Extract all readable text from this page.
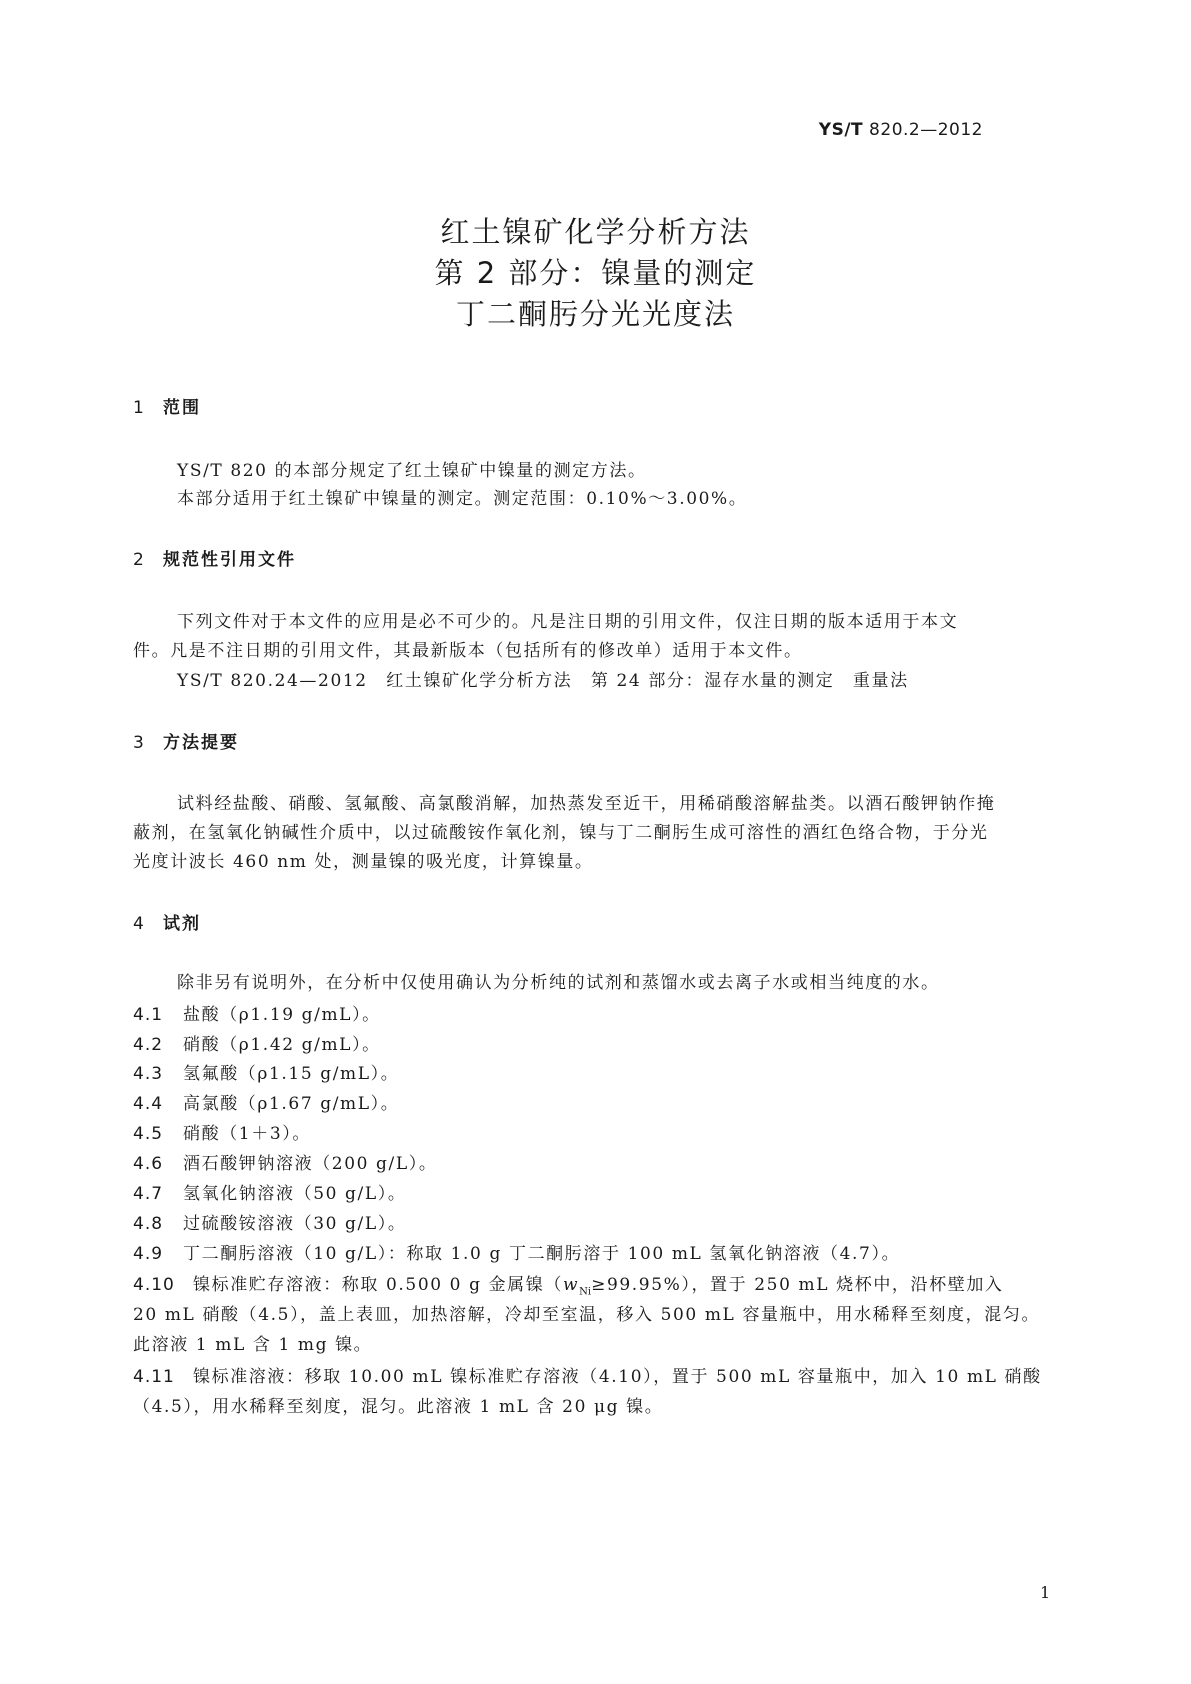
YS/T 820.2—2012
红土镍矿化学分析方法
第 2 部分：镍量的测定
丁二酮肟分光光度法
1 范围
YS/T 820 的本部分规定了红土镍矿中镍量的测定方法。
本部分适用于红土镍矿中镍量的测定。测定范围：0.10%～3.00%。
2 规范性引用文件
下列文件对于本文件的应用是必不可少的。凡是注日期的引用文件，仅注日期的版本适用于本文
件。凡是不注日期的引用文件，其最新版本（包括所有的修改单）适用于本文件。
YS/T 820.24—2012　红土镍矿化学分析方法　第 24 部分：湿存水量的测定　重量法
3 方法提要
试料经盐酸、硝酸、氢氟酸、高氯酸消解，加热蒸发至近干，用稀硝酸溶解盐类。以酒石酸钾钠作掩
蔽剂，在氢氧化钠碱性介质中，以过硫酸铵作氧化剂，镍与丁二酮肟生成可溶性的酒红色络合物，于分光
光度计波长 460 nm 处，测量镍的吸光度，计算镍量。
4 试剂
除非另有说明外，在分析中仅使用确认为分析纯的试剂和蒸馏水或去离子水或相当纯度的水。
4.1 盐酸（ρ1.19 g/mL）。
4.2 硝酸（ρ1.42 g/mL）。
4.3 氢氟酸（ρ1.15 g/mL）。
4.4 高氯酸（ρ1.67 g/mL）。
4.5 硝酸（1＋3）。
4.6 酒石酸钾钠溶液（200 g/L）。
4.7 氢氧化钠溶液（50 g/L）。
4.8 过硫酸铵溶液（30 g/L）。
4.9 丁二酮肟溶液（10 g/L）：称取 1.0 g 丁二酮肟溶于 100 mL 氢氧化钠溶液（4.7）。
4.10 镍标准贮存溶液：称取 0.500 0 g 金属镍$(w_{Ni}\ge 99.95\%)$，置于 250 mL 烧杯中，沿杯壁加入
20 mL 硝酸（4.5），盖上表皿，加热溶解，冷却至室温，移入 500 mL 容量瓶中，用水稀释至刻度，混匀。
此溶液 1 mL 含 1 mg 镍。
4.11 镍标准溶液：移取 10.00 mL 镍标准贮存溶液（4.10），置于 500 mL 容量瓶中，加入 10 mL 硝酸
（4.5），用水稀释至刻度，混匀。此溶液 1 mL 含 20 μg 镍。
1
